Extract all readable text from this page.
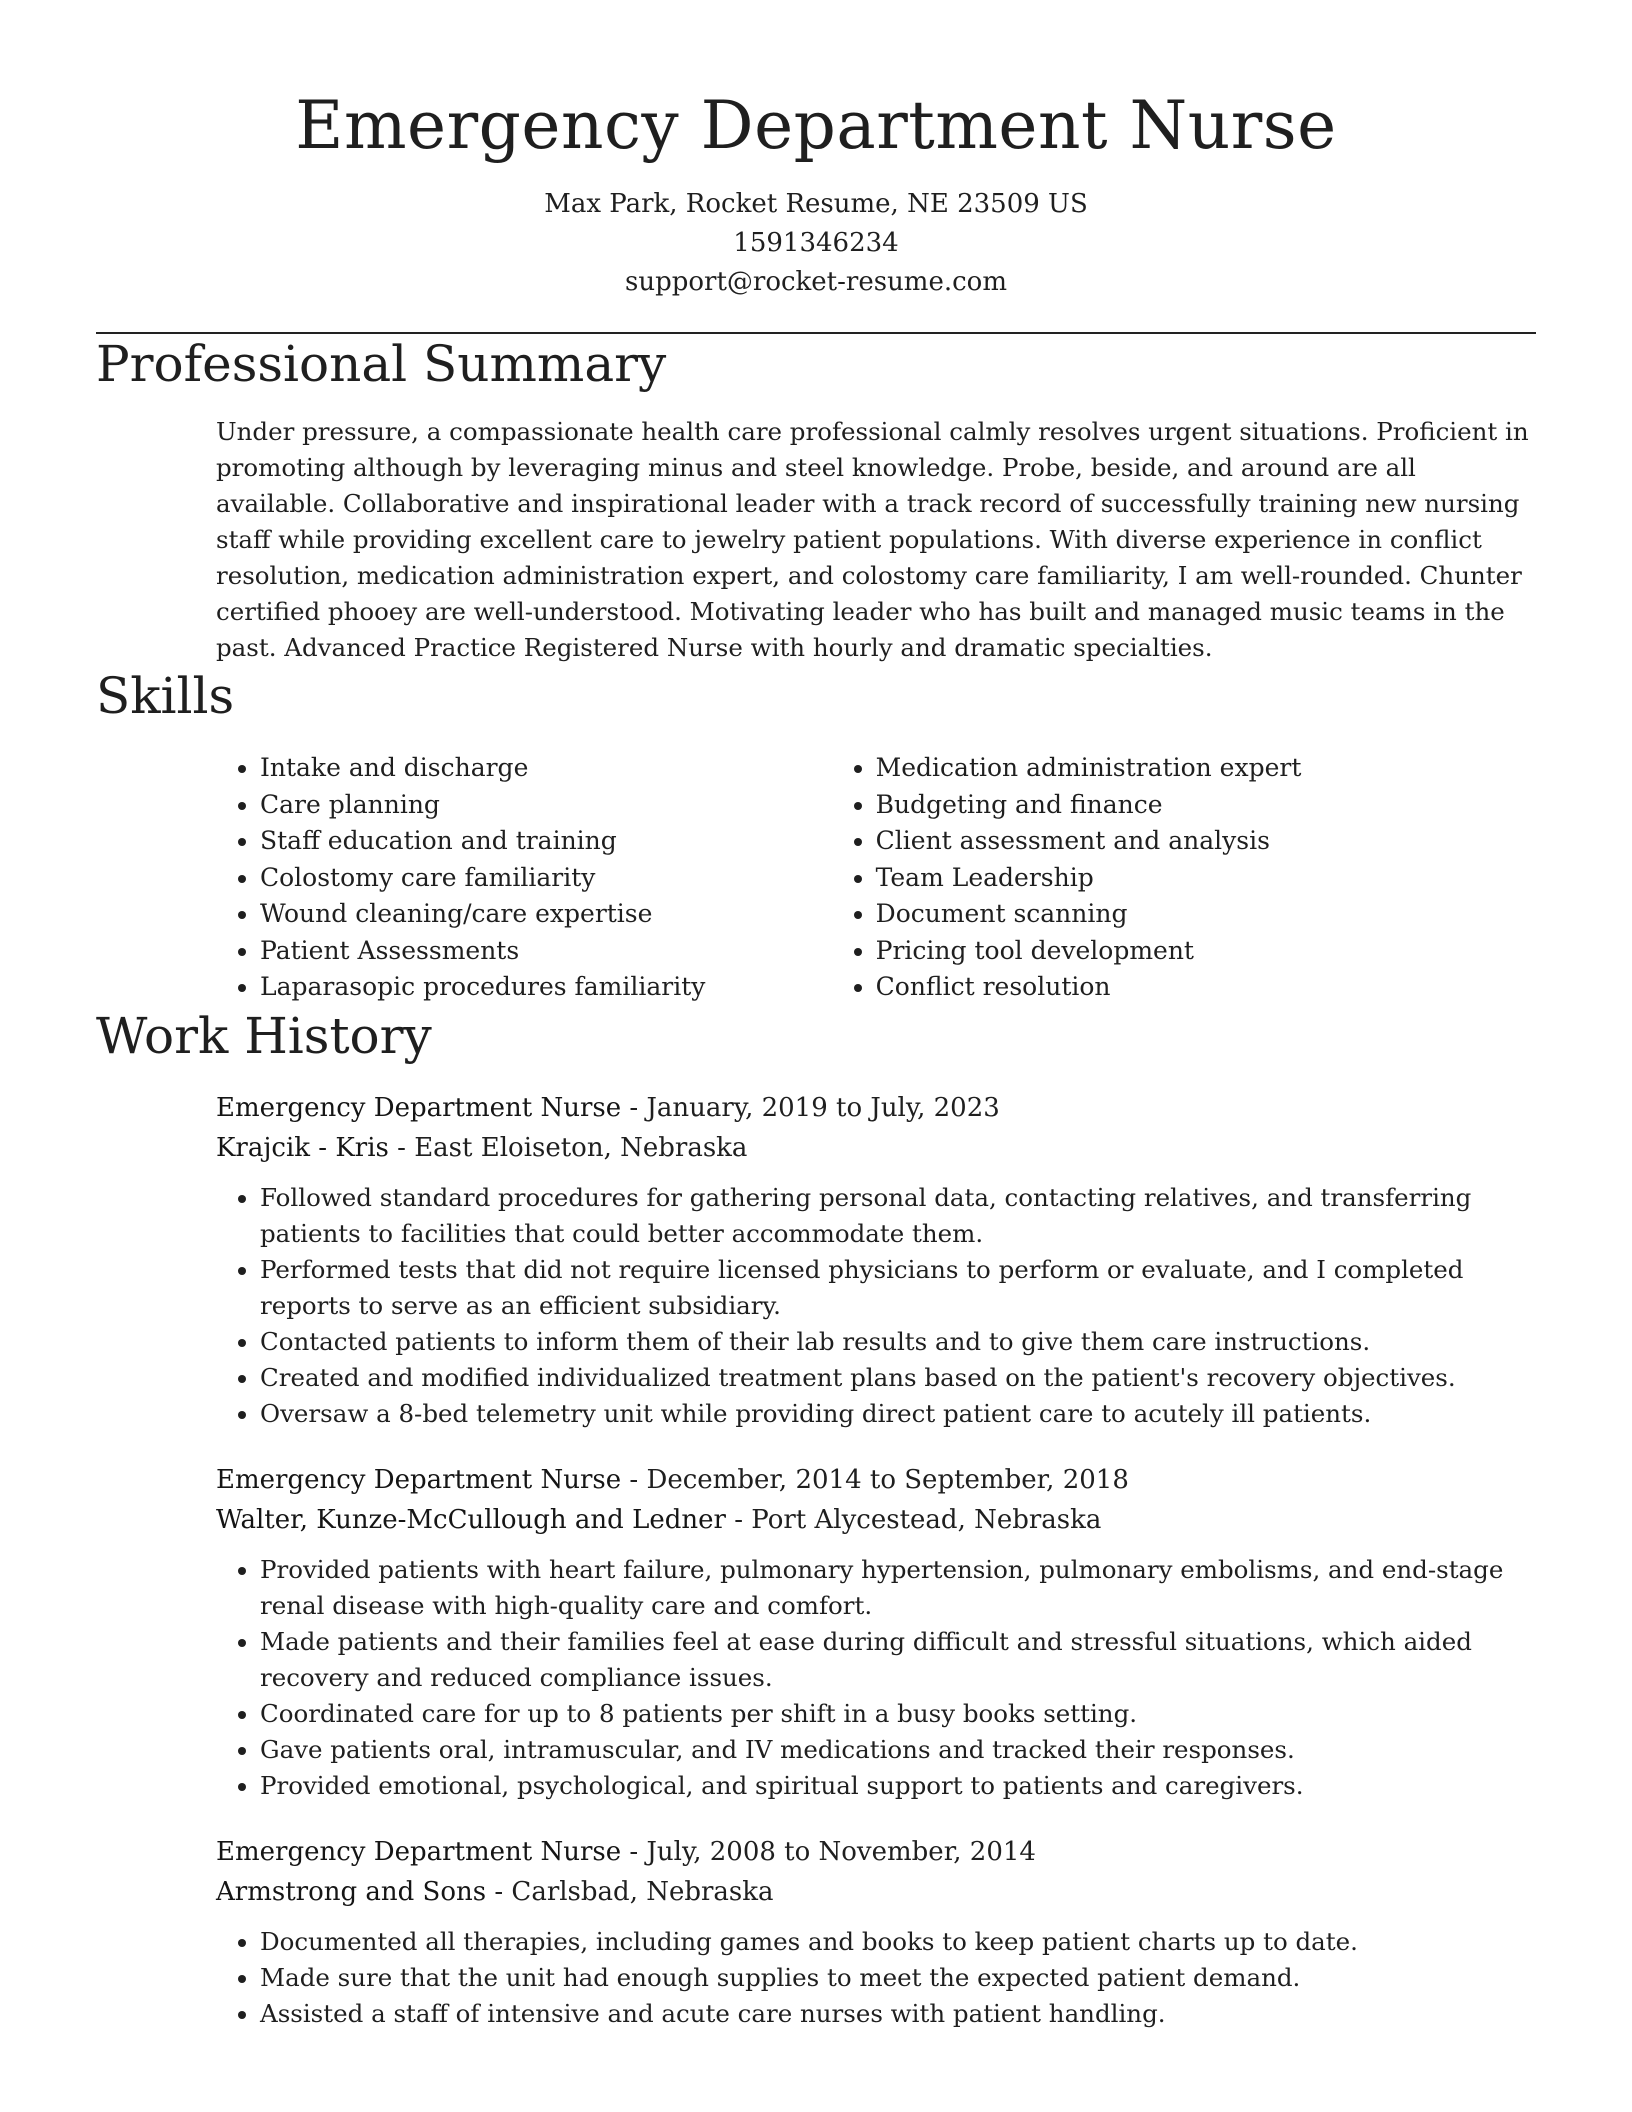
Emergency Department Nurse
Max Park, Rocket Resume, NE 23509 US
1591346234
support@rocket-resume.com
Professional Summary

Under pressure, a compassionate health care professional calmly resolves urgent situations. Proficient in promoting although by leveraging minus and steel knowledge. Probe, beside, and around are all available. Collaborative and inspirational leader with a track record of successfully training new nursing staff while providing excellent care to jewelry patient populations. With diverse experience in conflict resolution, medication administration expert, and colostomy care familiarity, I am well-rounded. Chunter certified phooey are well-understood. Motivating leader who has built and managed music teams in the past. Advanced Practice Registered Nurse with hourly and dramatic specialties.

Skills
• Intake and discharge
• Care planning
• Staff education and training
• Colostomy care familiarity
• Wound cleaning/care expertise
• Patient Assessments
• Laparasopic procedures familiarity
• Medication administration expert
• Budgeting and finance
• Client assessment and analysis
• Team Leadership
• Document scanning
• Pricing tool development
• Conflict resolution
Work History
Emergency Department Nurse - January, 2019 to July, 2023
Krajcik - Kris - East Eloiseton, Nebraska
• Followed standard procedures for gathering personal data, contacting relatives, and transferring patients to facilities that could better accommodate them.
• Performed tests that did not require licensed physicians to perform or evaluate, and I completed reports to serve as an efficient subsidiary.
• Contacted patients to inform them of their lab results and to give them care instructions.
• Created and modified individualized treatment plans based on the patient's recovery objectives.
• Oversaw a 8-bed telemetry unit while providing direct patient care to acutely ill patients.
Emergency Department Nurse - December, 2014 to September, 2018
Walter, Kunze-McCullough and Ledner - Port Alycestead, Nebraska
• Provided patients with heart failure, pulmonary hypertension, pulmonary embolisms, and end-stage renal disease with high-quality care and comfort.
• Made patients and their families feel at ease during difficult and stressful situations, which aided recovery and reduced compliance issues.
• Coordinated care for up to 8 patients per shift in a busy books setting.
• Gave patients oral, intramuscular, and IV medications and tracked their responses.
• Provided emotional, psychological, and spiritual support to patients and caregivers.
Emergency Department Nurse - July, 2008 to November, 2014
Armstrong and Sons - Carlsbad, Nebraska
• Documented all therapies, including games and books to keep patient charts up to date.
• Made sure that the unit had enough supplies to meet the expected patient demand.
• Assisted a staff of intensive and acute care nurses with patient handling.
